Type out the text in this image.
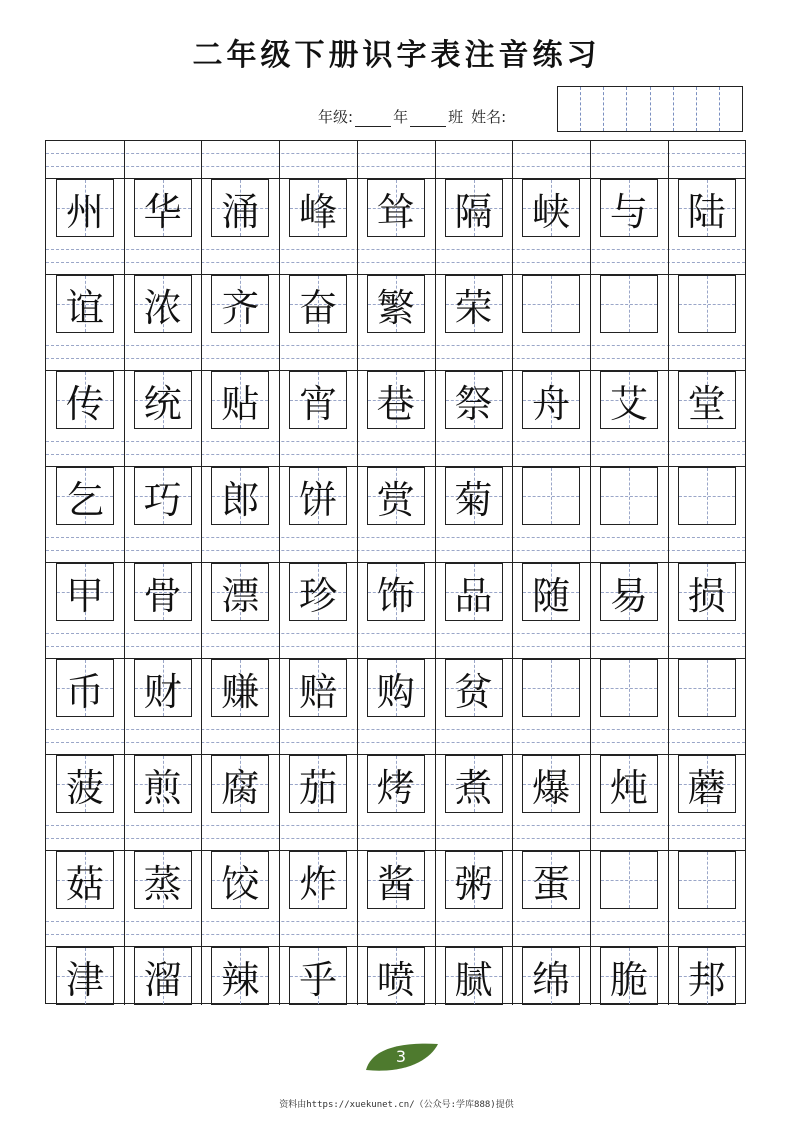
二年级下册识字表注音练习
年级:	年	班 姓名:
州 华 涌 峰 耸 隔 峡 与 陆
谊 浓 齐 奋 繁 荣
传 统 贴 宵 巷 祭 舟 艾 堂
乞 巧 郎 饼 赏 菊
甲 骨 漂 珍 饰 品 随 易 损
币 财 赚 赔 购 贫
菠 煎 腐 茄 烤 煮 爆 炖 蘑
菇 蒸 饺 炸 酱 粥 蛋
津 溜 辣 乎 喷 腻 绵 脆 邦
3
资料由https://xuekunet.cn/（公众号:学库888)提供
